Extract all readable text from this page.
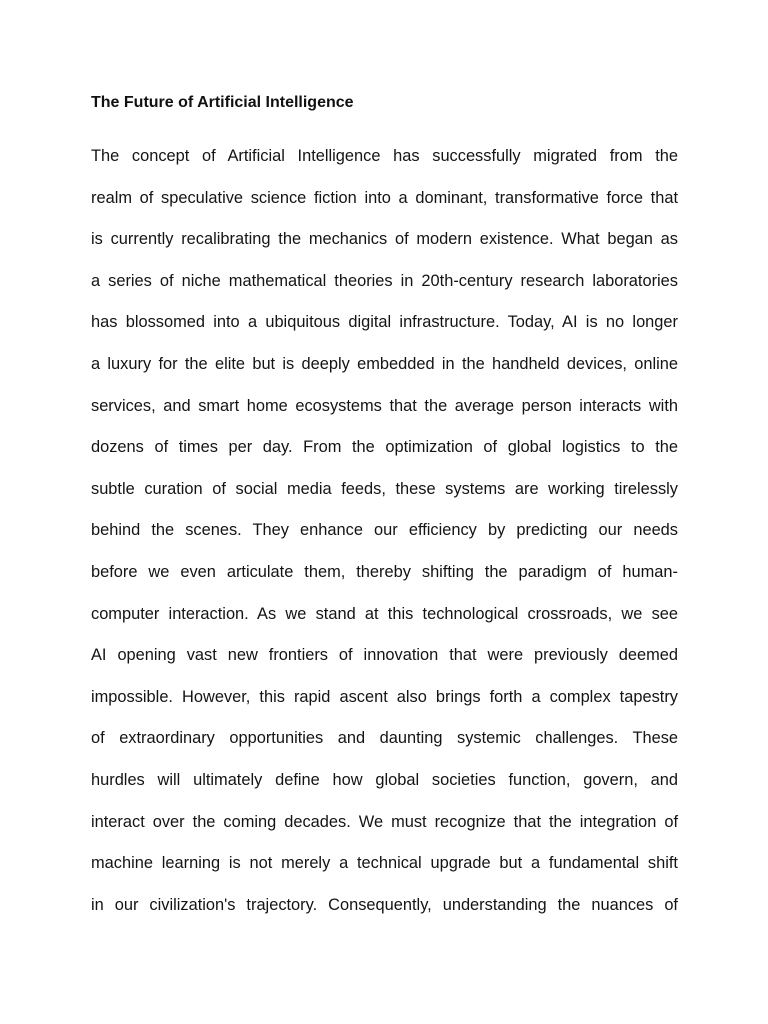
The Future of Artificial Intelligence
The concept of Artificial Intelligence has successfully migrated from the
realm of speculative science fiction into a dominant, transformative force that
is currently recalibrating the mechanics of modern existence. What began as
a series of niche mathematical theories in 20th-century research laboratories
has blossomed into a ubiquitous digital infrastructure. Today, AI is no longer
a luxury for the elite but is deeply embedded in the handheld devices, online
services, and smart home ecosystems that the average person interacts with
dozens of times per day. From the optimization of global logistics to the
subtle curation of social media feeds, these systems are working tirelessly
behind the scenes. They enhance our efficiency by predicting our needs
before we even articulate them, thereby shifting the paradigm of human-
computer interaction. As we stand at this technological crossroads, we see
AI opening vast new frontiers of innovation that were previously deemed
impossible. However, this rapid ascent also brings forth a complex tapestry
of extraordinary opportunities and daunting systemic challenges. These
hurdles will ultimately define how global societies function, govern, and
interact over the coming decades. We must recognize that the integration of
machine learning is not merely a technical upgrade but a fundamental shift
in our civilization's trajectory. Consequently, understanding the nuances of
